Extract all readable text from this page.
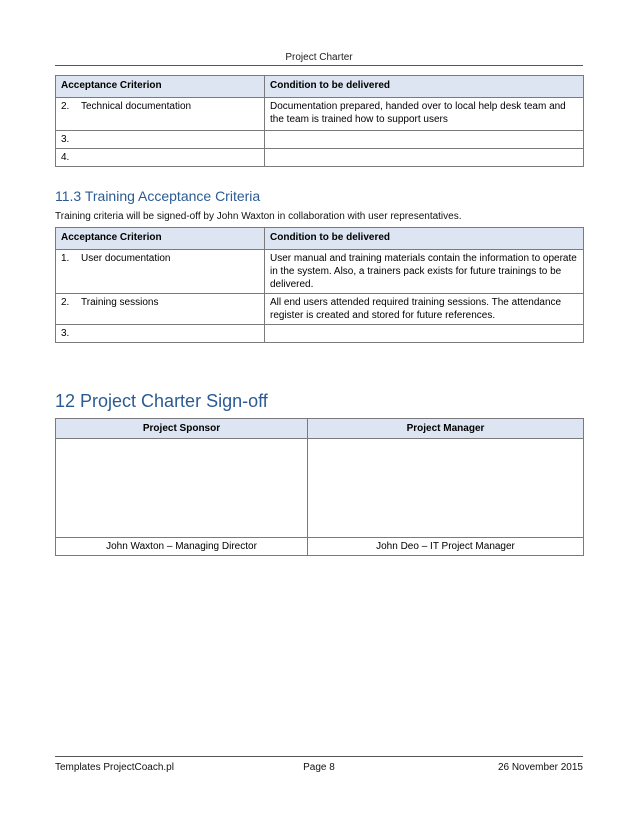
Project Charter
Acceptance Criterion	Condition to be delivered
2. Technical documentation	Documentation prepared, handed over to local help desk team and the team is trained how to support users
3.	
4.	
11.3 Training Acceptance Criteria
Training criteria will be signed-off by John Waxton in collaboration with user representatives.
Acceptance Criterion	Condition to be delivered
1. User documentation	User manual and training materials contain the information to operate in the system. Also, a trainers pack exists for future trainings to be delivered.
2. Training sessions	All end users attended required training sessions. The attendance register is created and stored for future references.
3.	
12 Project Charter Sign-off
Project Sponsor	Project Manager

John Waxton – Managing Director	John Deo – IT Project Manager
Templates ProjectCoach.pl	Page 8	26 November 2015
